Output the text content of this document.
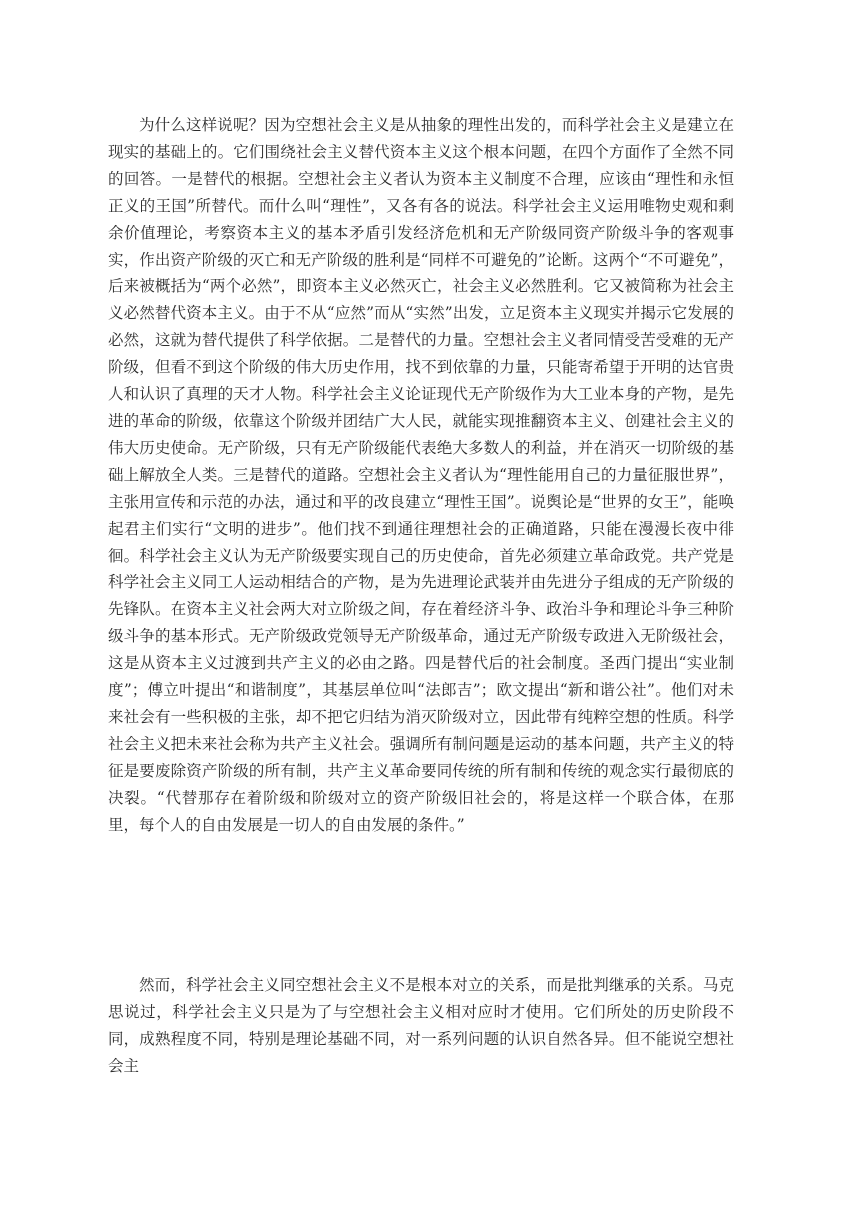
为什么这样说呢？因为空想社会主义是从抽象的理性出发的，而科学社会主义是建立在现实的基础上的。它们围绕社会主义替代资本主义这个根本问题，在四个方面作了全然不同的回答。一是替代的根据。空想社会主义者认为资本主义制度不合理，应该由“理性和永恒正义的王国”所替代。而什么叫“理性”，又各有各的说法。科学社会主义运用唯物史观和剩余价值理论，考察资本主义的基本矛盾引发经济危机和无产阶级同资产阶级斗争的客观事实，作出资产阶级的灭亡和无产阶级的胜利是“同样不可避免的”论断。这两个“不可避免”，后来被概括为“两个必然”，即资本主义必然灭亡，社会主义必然胜利。它又被简称为社会主义必然替代资本主义。由于不从“应然”而从“实然”出发，立足资本主义现实并揭示它发展的必然，这就为替代提供了科学依据。二是替代的力量。空想社会主义者同情受苦受难的无产阶级，但看不到这个阶级的伟大历史作用，找不到依靠的力量，只能寄希望于开明的达官贵人和认识了真理的天才人物。科学社会主义论证现代无产阶级作为大工业本身的产物，是先进的革命的阶级，依靠这个阶级并团结广大人民，就能实现推翻资本主义、创建社会主义的伟大历史使命。无产阶级，只有无产阶级能代表绝大多数人的利益，并在消灭一切阶级的基础上解放全人类。三是替代的道路。空想社会主义者认为“理性能用自己的力量征服世界”，主张用宣传和示范的办法，通过和平的改良建立“理性王国”。说舆论是“世界的女王”，能唤起君主们实行“文明的进步”。他们找不到通往理想社会的正确道路，只能在漫漫长夜中徘徊。科学社会主义认为无产阶级要实现自己的历史使命，首先必须建立革命政党。共产党是科学社会主义同工人运动相结合的产物，是为先进理论武装并由先进分子组成的无产阶级的先锋队。在资本主义社会两大对立阶级之间，存在着经济斗争、政治斗争和理论斗争三种阶级斗争的基本形式。无产阶级政党领导无产阶级革命，通过无产阶级专政进入无阶级社会，这是从资本主义过渡到共产主义的必由之路。四是替代后的社会制度。圣西门提出“实业制度”；傅立叶提出“和谐制度”，其基层单位叫“法郎吉”；欧文提出“新和谐公社”。他们对未来社会有一些积极的主张，却不把它归结为消灭阶级对立，因此带有纯粹空想的性质。科学社会主义把未来社会称为共产主义社会。强调所有制问题是运动的基本问题，共产主义的特征是要废除资产阶级的所有制，共产主义革命要同传统的所有制和传统的观念实行最彻底的决裂。“代替那存在着阶级和阶级对立的资产阶级旧社会的，将是这样一个联合体，在那里，每个人的自由发展是一切人的自由发展的条件。”

然而，科学社会主义同空想社会主义不是根本对立的关系，而是批判继承的关系。马克思说过，科学社会主义只是为了与空想社会主义相对应时才使用。它们所处的历史阶段不同，成熟程度不同，特别是理论基础不同，对一系列问题的认识自然各异。但不能说空想社会主
